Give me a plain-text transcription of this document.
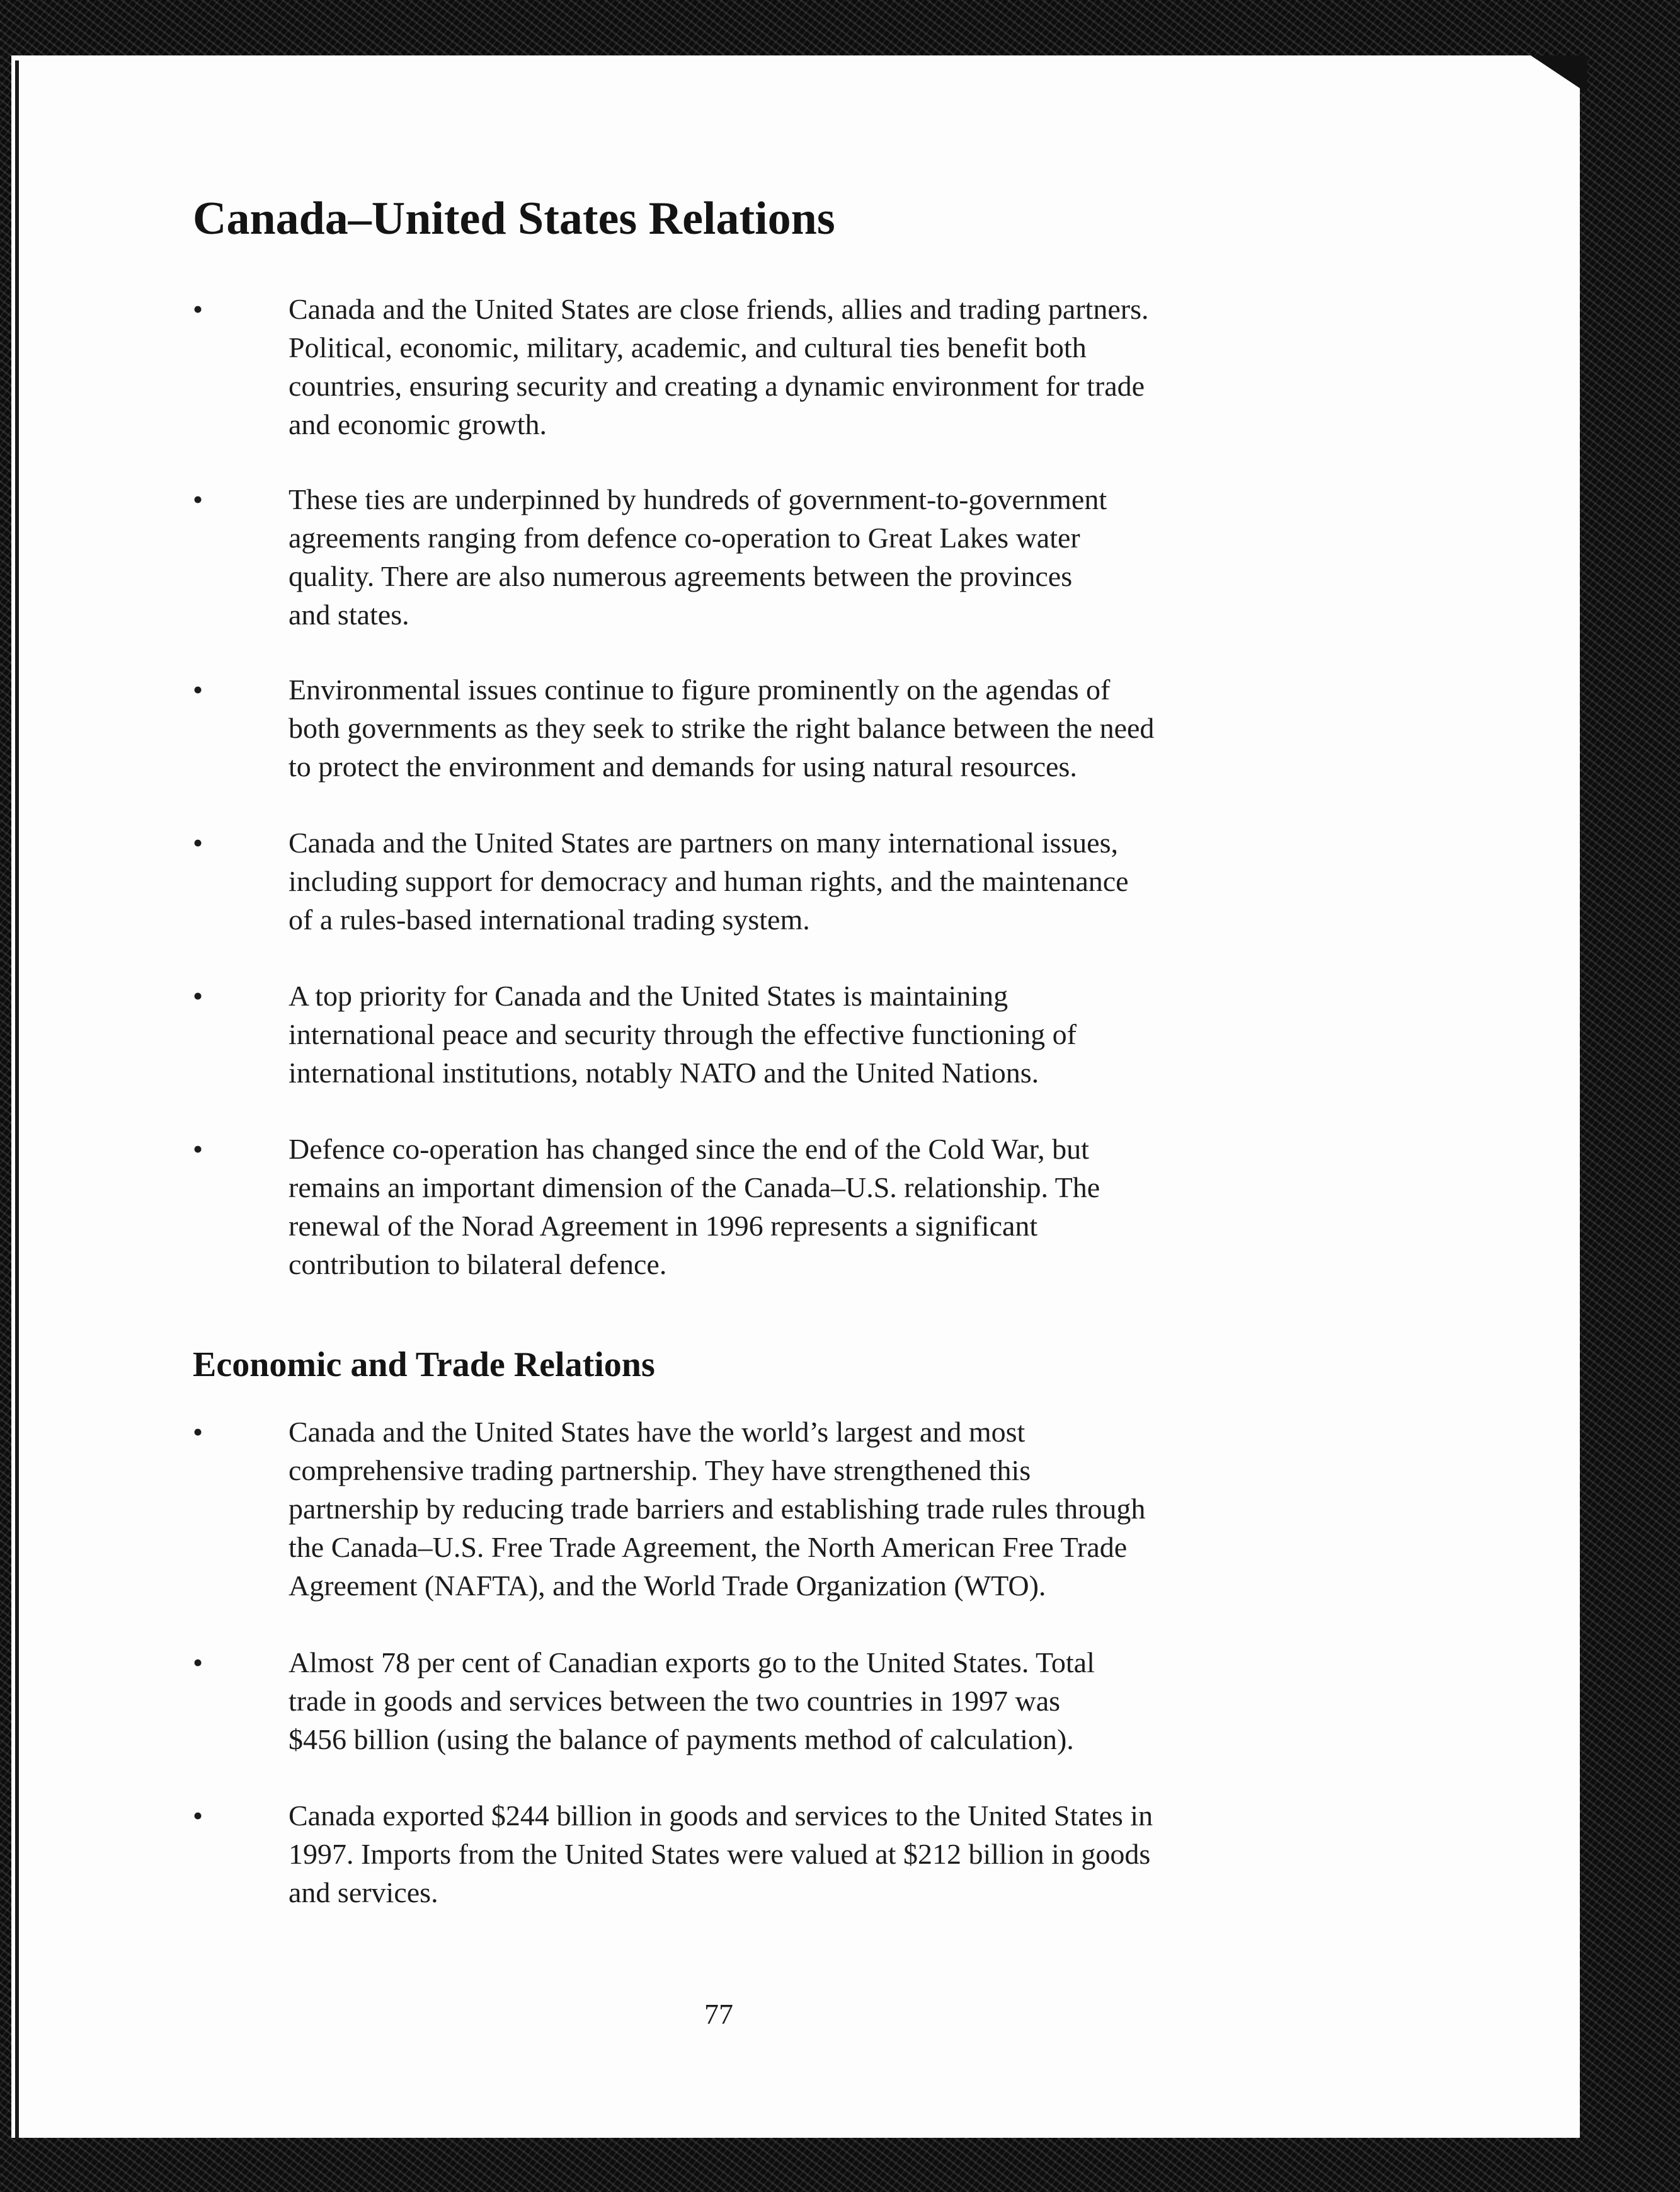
Canada–United States Relations
•	Canada and the United States are close friends, allies and trading partners.
Political, economic, military, academic, and cultural ties benefit both
countries, ensuring security and creating a dynamic environment for trade
and economic growth.
•	These ties are underpinned by hundreds of government-to-government
agreements ranging from defence co-operation to Great Lakes water
quality. There are also numerous agreements between the provinces
and states.
•	Environmental issues continue to figure prominently on the agendas of
both governments as they seek to strike the right balance between the need
to protect the environment and demands for using natural resources.
•	Canada and the United States are partners on many international issues,
including support for democracy and human rights, and the maintenance
of a rules-based international trading system.
•	A top priority for Canada and the United States is maintaining
international peace and security through the effective functioning of
international institutions, notably NATO and the United Nations.
•	Defence co-operation has changed since the end of the Cold War, but
remains an important dimension of the Canada–U.S. relationship. The
renewal of the Norad Agreement in 1996 represents a significant
contribution to bilateral defence.
Economic and Trade Relations
•	Canada and the United States have the world’s largest and most
comprehensive trading partnership. They have strengthened this
partnership by reducing trade barriers and establishing trade rules through
the Canada–U.S. Free Trade Agreement, the North American Free Trade
Agreement (NAFTA), and the World Trade Organization (WTO).
•	Almost 78 per cent of Canadian exports go to the United States. Total
trade in goods and services between the two countries in 1997 was
$456 billion (using the balance of payments method of calculation).
•	Canada exported $244 billion in goods and services to the United States in
1997. Imports from the United States were valued at $212 billion in goods
and services.
77
